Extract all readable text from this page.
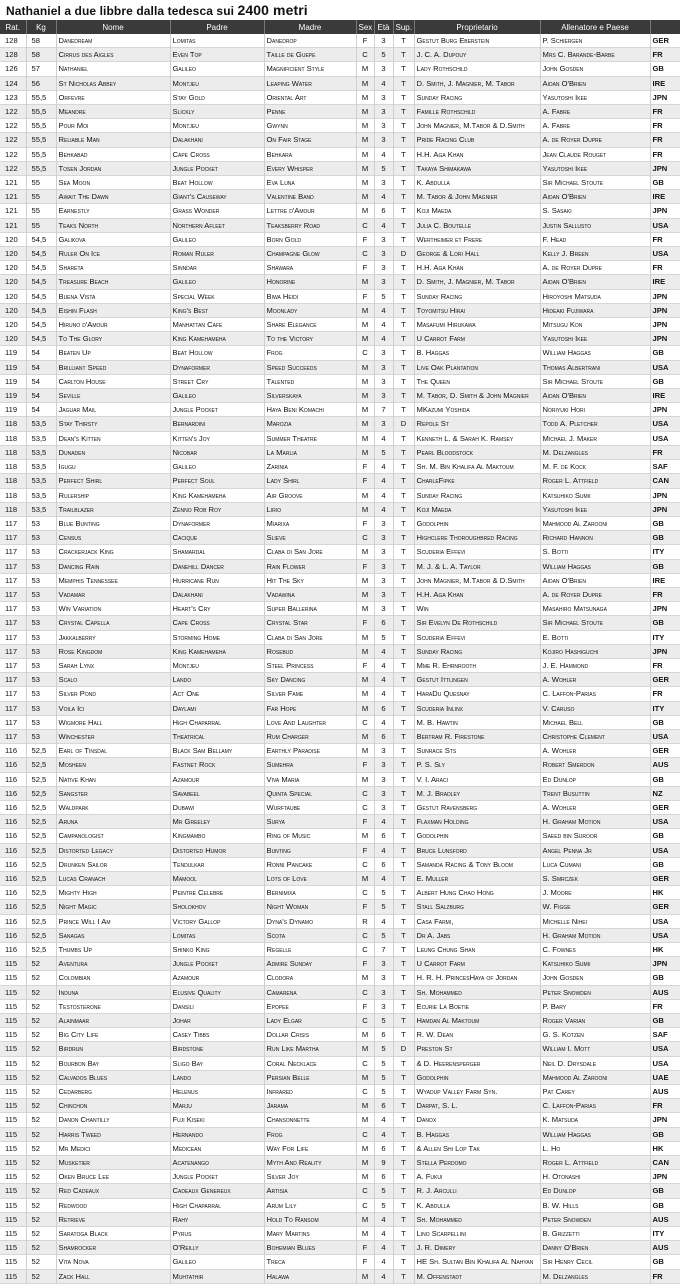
Nathaniel a due libbre dalla tedesca sui 2400 metri
Rat.	Kg	Nome	Padre	Madre	Sex	Età	Sup.	Proprietario	Allenatore e Paese	
128	58	Danedream	Lomitas	Danedrop	F	3	T	Gestut Burg Eberstein	P. Schiergen	GER
128	58	Cirrus des Aigles	Even Top	Taille de Guepe	C	5	T	J. C. A. Dupouy	Mrs C. Barande-Barbe	FR
126	57	Nathaniel	Galileo	Magnificient Style	M	3	T	Lady Rothschild	John Gosden	GB
124	56	St Nicholas Abbey	Montjeu	Leaping Water	M	4	T	D. Smith, J. Magnier, M. Tabor	Aidan O'Brien	IRE
123	55,5	Orfevre	Stay Gold	Oriental Art	M	3	T	Sunday Racing	Yasutoshi Ikee	JPN
122	55,5	Meandre	Slickly	Penne	M	3	T	Famille Rothschild	A. Fabre	FR
122	55,5	Pour Moi	Montjeu	Gwynn	M	3	T	John Magnier, M.Tabor & D.Smith	A. Fabre	FR
122	55,5	Reliable Man	Dalakhani	On Fair Stage	M	3	T	Pride Racing Club	A. de Royer Dupre	FR
122	55,5	Behkabad	Cape Cross	Behkara	M	4	T	H.H. Aga Khan	Jean Claude Rouget	FR
122	55,5	Tosen Jordan	Jungle Pocket	Every Whisper	M	5	T	Takaya Shimakawa	Yasutoshi Ikee	JPN
121	55	Sea Moon	Beat Hollow	Eva Luna	M	3	T	K. Abdulla	Sir Michael Stoute	GB
121	55	Await The Dawn	Giant's Causeway	Valentine Band	M	4	T	M. Tabor & John Magnier	Aidan O'Brien	IRE
121	55	Earnestly	Grass Wonder	Lettre d'Amour	M	6	T	Koji Maeda	S. Sasaki	JPN
121	55	Teaks North	Northern Afleet	Teaksberry Road	C	4	T	Julia C. Boutelle	Justin Sallusto	USA
120	54,5	Galikova	Galileo	Born Gold	F	3	T	Wertheimer et Frere	F. Head	FR
120	54,5	Ruler On Ice	Roman Ruler	Champagne Glow	C	3	D	George & Lori Hall	Kelly J. Breen	USA
120	54,5	Shareta	Sinndar	Shawara	F	3	T	H.H. Aga Khan	A. de Royer Dupre	FR
120	54,5	Treasure Beach	Galileo	Honorine	M	3	T	D. Smith, J. Magnier, M. Tabor	Aidan O'Brien	IRE
120	54,5	Buena Vista	Special Week	Biwa Heidi	F	5	T	Sunday Racing	Hiroyoshi Matsuda	JPN
120	54,5	Eishin Flash	King's Best	Moonlady	M	4	T	Toyomitsu Hirai	Hideaki Fujiwara	JPN
120	54,5	Hiruno d'Amour	Manhattan Cafe	Share Elegance	M	4	T	Masafumi Hirukawa	Mitsugu Kon	JPN
120	54,5	To The Glory	King Kamehameha	To the Victory	M	4	T	U Carrot Farm	Yasutoshi Ikee	JPN
119	54	Beaten Up	Beat Hollow	Frog	C	3	T	B. Haggas	William Haggas	GB
119	54	Brilliant Speed	Dynaformer	Speed Succeeds	M	3	T	Live Oak Plantation	Thomas Albertrani	USA
119	54	Carlton House	Street Cry	Talented	M	3	T	The Queen	Sir Michael Stoute	GB
119	54	Seville	Galileo	Silverskaya	M	3	T	M. Tabor, D. Smith & John Magnier	Aidan O'Brien	IRE
119	54	Jaguar Mail	Jungle Pocket	Haya Beni Komachi	M	7	T	MKazumi Yoshida	Noriyuki Hori	JPN
118	53,5	Stay Thirsty	Bernardini	Marozia	M	3	D	Repole St	Todd A. Pletcher	USA
118	53,5	Dean's Kitten	Kitten's Joy	Summer Theatre	M	4	T	Kenneth L. & Sarah K. Ramsey	Michael J. Maker	USA
118	53,5	Dunaden	Nicobar	La Marlia	M	5	T	Pearl Bloodstock	M. Delzangles	FR
118	53,5	Igugu	Galileo	Zarinia	F	4	T	Sh. M. Bin Khalifa Al Maktoum	M. F. de Kock	SAF
118	53,5	Perfect Shirl	Perfect Soul	Lady Shirl	F	4	T	CharleFipke	Roger L. Attfield	CAN
118	53,5	Rulership	King Kamehameha	Air Groove	M	4	T	Sunday Racing	Katsuhiko Sumii	JPN
118	53,5	Trailblazer	Zenno Rob Roy	Lirio	M	4	T	Koji Maeda	Yasutoshi Ikee	JPN
117	53	Blue Bunting	Dynaformer	Miarixa	F	3	T	Godolphin	Mahmood Al Zarooni	GB
117	53	Census	Cacique	Slieve	C	3	T	Highclere Thoroughbred Racing	Richard Hannon	GB
117	53	Crackerjack King	Shamardal	Claba di San Jore	M	3	T	Scuderia Effevi	S. Botti	ITY
117	53	Dancing Rain	Danehill Dancer	Rain Flower	F	3	T	M. J. & L. A. Taylor	William Haggas	GB
117	53	Memphis Tennessee	Hurricane Run	Hit The Sky	M	3	T	John Magnier, M.Tabor & D.Smith	Aidan O'Brien	IRE
117	53	Vadamar	Dalakhani	Vadawina	M	3	T	H.H. Aga Khan	A. de Royer Dupre	FR
117	53	Win Variation	Heart's Cry	Super Ballerina	M	3	T	Win	Masahiro Matsunaga	JPN
117	53	Crystal Capella	Cape Cross	Crystal Star	F	6	T	Sir Evelyn De Rothschild	Sir Michael Stoute	GB
117	53	Jakkalberry	Storming Home	Claba di San Jore	M	5	T	Scuderia Effevi	E. Botti	ITY
117	53	Rose Kingdom	King Kamehameha	Rosebud	M	4	T	Sunday Racing	Kojiro Hashiguchi	JPN
117	53	Sarah Lynx	Montjeu	Steel Princess	F	4	T	Mme R. Ehrnrooth	J. E. Hammond	FR
117	53	Scalo	Lando	Sky Dancing	M	4	T	Gestut Ittlingen	A. Wohler	GER
117	53	Silver Pond	Act One	Silver Fame	M	4	T	HaraDu Quesnay	C. Laffon-Parias	FR
117	53	Voila Ici	Daylami	Far Hope	M	6	T	Scuderia Inlinx	V. Caruso	ITY
117	53	Wigmore Hall	High Chaparral	Love And Laughter	C	4	T	M. B. Hawtin	Michael Bell	GB
117	53	Winchester	Theatrical	Rum Charger	M	6	T	Bertram R. Firestone	Christophe Clement	USA
116	52,5	Earl of Tinsdal	Black Sam Bellamy	Earthly Paradise	M	3	T	Sunrace Sts	A. Wohler	GER
116	52,5	Mosheen	Fastnet Rock	Sumehra	F	3	T	P. S. Sly	Robert Smerdon	AUS
116	52,5	Native Khan	Azamour	Viva Maria	M	3	T	V. I. Araci	Ed Dunlop	GB
116	52,5	Sangster	Savabeel	Quinta Special	C	3	T	M. J. Bradley	Trent Busuttin	NZ
116	52,5	Waldpark	Dubawi	Wurftaube	C	3	T	Gestut Ravensberg	A. Wohler	GER
116	52,5	Aruna	Mr Greeley	Surya	F	4	T	Flaxman Holding	H. Graham Motion	USA
116	52,5	Campanologist	Kingmambo	Ring of Music	M	6	T	Godolphin	Saeed bin Suroor	GB
116	52,5	Distorted Legacy	Distorted Humor	Bunting	F	4	T	Bruce Lunsford	Angel Penna Jr	USA
116	52,5	Drunken Sailor	Tendulkar	Ronni Pancake	C	6	T	Samanda Racing & Tony Bloom	Luca Cumani	GB
116	52,5	Lucas Cranach	Mamool	Lots of Love	M	4	T	E. Muller	S. Smrczek	GER
116	52,5	Mighty High	Peintre Celebre	Bernimixa	C	5	T	Albert Hung Chao Hong	J. Moore	HK
116	52,5	Night Magic	Sholokhov	Night Woman	F	5	T	Stall Salzburg	W. Figge	GER
116	52,5	Prince Will I Am	Victory Gallop	Dyna's Dynamo	R	4	T	Casa Farmi,	Michelle Nihei	USA
116	52,5	Sanagas	Lomitas	Scota	C	5	T	Dr A. Jabs	H. Graham Motion	USA
116	52,5	Thumbs Up	Shinko King	Regelle	C	7	T	Leung Chung Shan	C. Fownes	HK
115	52	Aventura	Jungle Pocket	Admire Sunday	F	3	T	U Carrot Farm	Katsuhiko Sumii	JPN
115	52	Colombian	Azamour	Clodora	M	3	T	H. R. H. PrincesHaya of Jordan	John Gosden	GB
115	52	Induna	Elusive Quality	Camarena	C	3	T	Sh. Mohammed	Peter Snowden	AUS
115	52	Testosterone	Dansili	Epopee	F	3	T	Ecurie La Boetie	P. Bary	FR
115	52	Alainmaar	Johar	Lady Elgar	C	5	T	Hamdan Al Maktoum	Roger Varian	GB
115	52	Big City Life	Casey Tibbs	Dollar Crisis	M	6	T	R. W. Dean	G. S. Kotzen	SAF
115	52	Birdrun	Birdstone	Run Like Martha	M	5	D	Preston St	William I. Mott	USA
115	52	Bourbon Bay	Sligo Bay	Coral Necklace	C	5	T	& D. Heerensperger	Neil D. Drysdale	USA
115	52	Calvados Blues	Lando	Persian Belle	M	5	T	Godolphin	Mahmood Al Zarooni	UAE
115	52	Cedarberg	Helenus	Infrared	C	5	T	Wyadup Valley Farm Syn.	Pat Carey	AUS
115	52	Chinchon	Marju	Jarama	M	6	T	Darpat, S. L.	C. Laffon-Parias	FR
115	52	Danon Chantilly	Fuji Kiseki	Chansonnette	M	4	T	Danox	K. Matsuda	JPN
115	52	Harris Tweed	Hernando	Frog	C	4	T	B. Haggas	William Haggas	GB
115	52	Mr Medici	Medicean	Way For Life	M	6	T	& Allen Shi Lop Tak	L. Ho	HK
115	52	Musketier	Acatenango	Myth And Reality	M	9	T	Stella Perdomo	Roger L. Attfield	CAN
115	52	Oken Bruce Lee	Jungle Pocket	Silver Joy	M	6	T	A. Fukui	H. Otonashi	JPN
115	52	Red Cadeaux	Cadeaux Genereux	Artisia	C	5	T	R. J. Arculli	Ed Dunlop	GB
115	52	Redwood	High Chaparral	Arum Lily	C	5	T	K. Abdulla	B. W. Hills	GB
115	52	Retrieve	Rahy	Hold To Ransom	M	4	T	Sh. Mohammed	Peter Snowden	AUS
115	52	Saratoga Black	Pyrus	Mary Martins	M	4	T	Lino Scarpellini	B. Grizzetti	ITY
115	52	Shamrocker	O'Reilly	Bohemian Blues	F	4	T	J. R. Dimery	Danny O'Brien	AUS
115	52	Vita Nova	Galileo	Treca	F	4	T	HE Sh. Sultan Bin Khalifa Al Nahyan	Sir Henry Cecil	GB
115	52	Zack Hall	Muhtathir	Halawa	M	4	T	M. Offenstadt	M. Delzangles	FR
